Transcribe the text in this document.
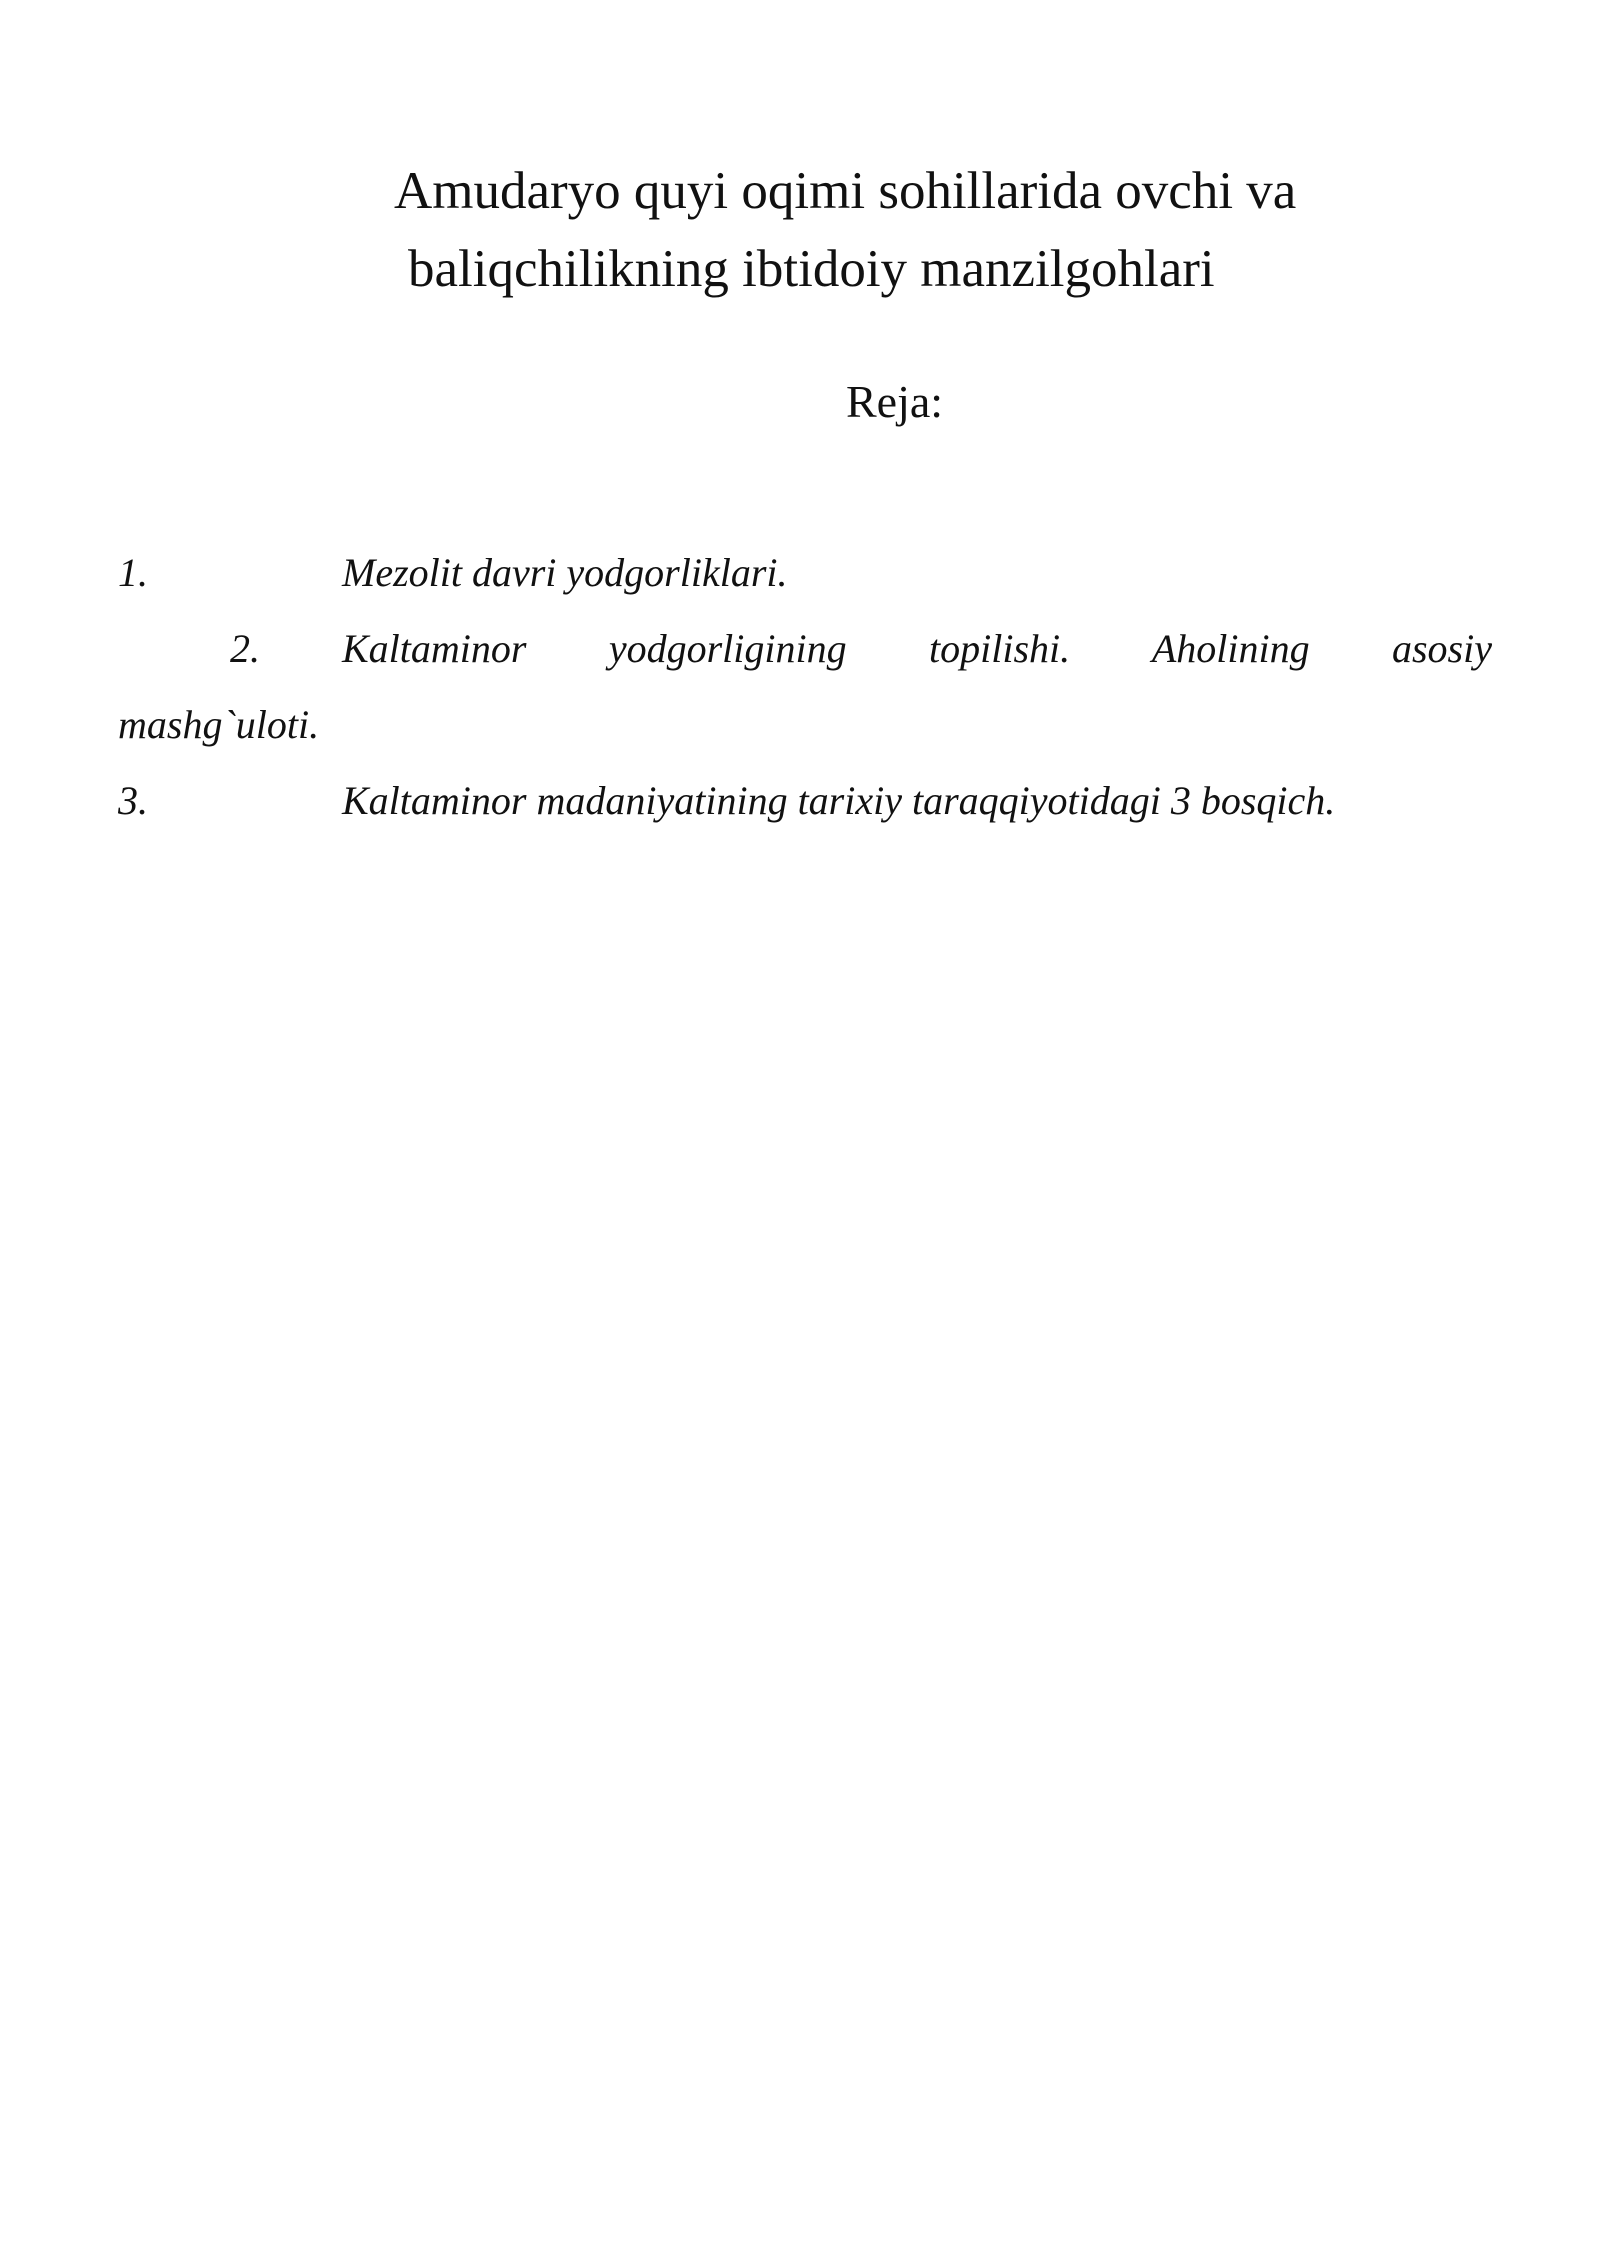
Amudaryo quyi oqimi sohillarida ovchi va
baliqchilikning ibtidoiy manzilgohlari

Reja:

1.	Mezolit davri yodgorliklari.
2. Kaltaminor yodgorligining topilishi. Aholining asosiy
mashg`uloti.
3.	Kaltaminor madaniyatining tarixiy taraqqiyotidagi 3 bosqich.
